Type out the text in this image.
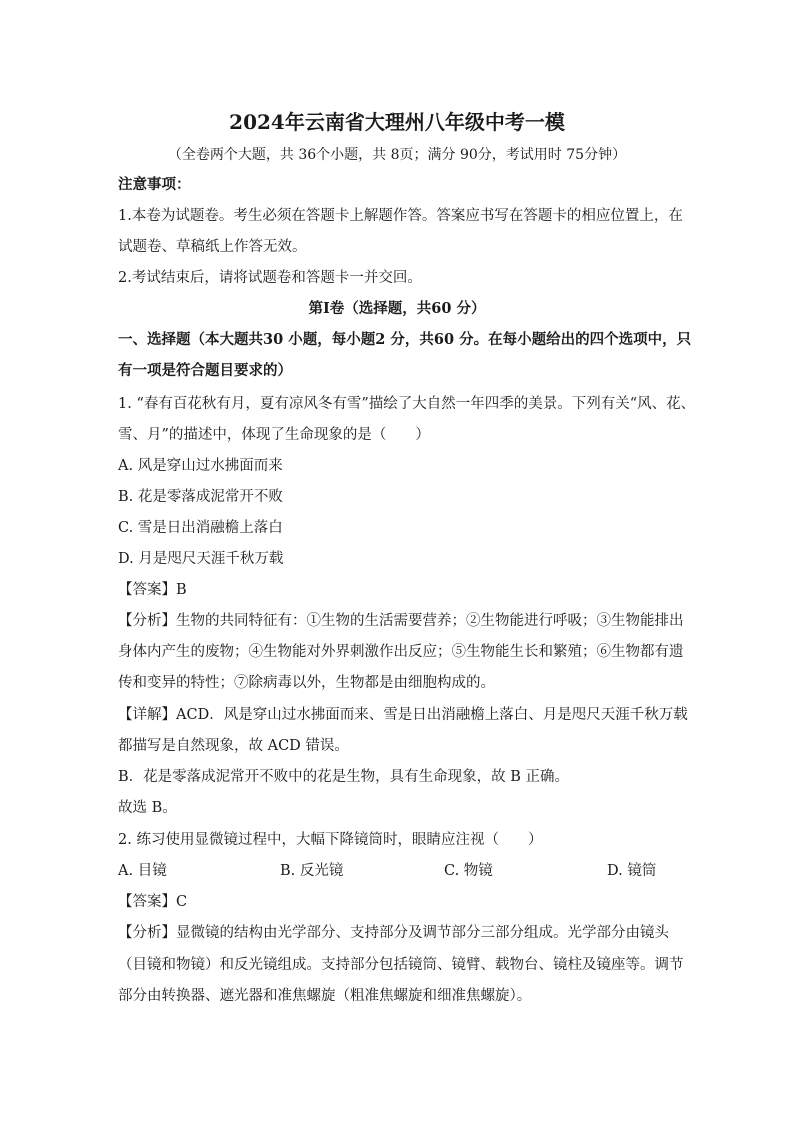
2024年云南省大理州八年级中考一模
（全卷两个大题，共 36个小题，共 8页；满分 90分，考试用时 75分钟）
注意事项：
1.本卷为试题卷。考生必须在答题卡上解题作答。答案应书写在答题卡的相应位置上，在
试题卷、草稿纸上作答无效。
2.考试结束后，请将试题卷和答题卡一并交回。
第Ⅰ卷（选择题，共60 分）
一、选择题（本大题共30 小题，每小题2 分，共60 分。在每小题给出的四个选项中，只
有一项是符合题目要求的）
1. “春有百花秋有月，夏有凉风冬有雪”描绘了大自然一年四季的美景。下列有关“风、花、
雪、月”的描述中，体现了生命现象的是（　　）
A. 风是穿山过水拂面而来
B. 花是零落成泥常开不败
C. 雪是日出消融檐上落白
D. 月是咫尺天涯千秋万载
【答案】B
【分析】生物的共同特征有：①生物的生活需要营养；②生物能进行呼吸；③生物能排出
身体内产生的废物；④生物能对外界刺激作出反应；⑤生物能生长和繁殖；⑥生物都有遗
传和变异的特性；⑦除病毒以外，生物都是由细胞构成的。
【详解】ACD．风是穿山过水拂面而来、雪是日出消融檐上落白、月是咫尺天涯千秋万载
都描写是自然现象，故 ACD 错误。
B．花是零落成泥常开不败中的花是生物，具有生命现象，故 B 正确。
故选 B。
2. 练习使用显微镜过程中，大幅下降镜筒时，眼睛应注视（　　）
A. 目镜	B. 反光镜	C. 物镜	D. 镜筒
【答案】C
【分析】显微镜的结构由光学部分、支持部分及调节部分三部分组成。光学部分由镜头
（目镜和物镜）和反光镜组成。支持部分包括镜筒、镜臂、载物台、镜柱及镜座等。调节
部分由转换器、遮光器和准焦螺旋（粗准焦螺旋和细准焦螺旋）。
